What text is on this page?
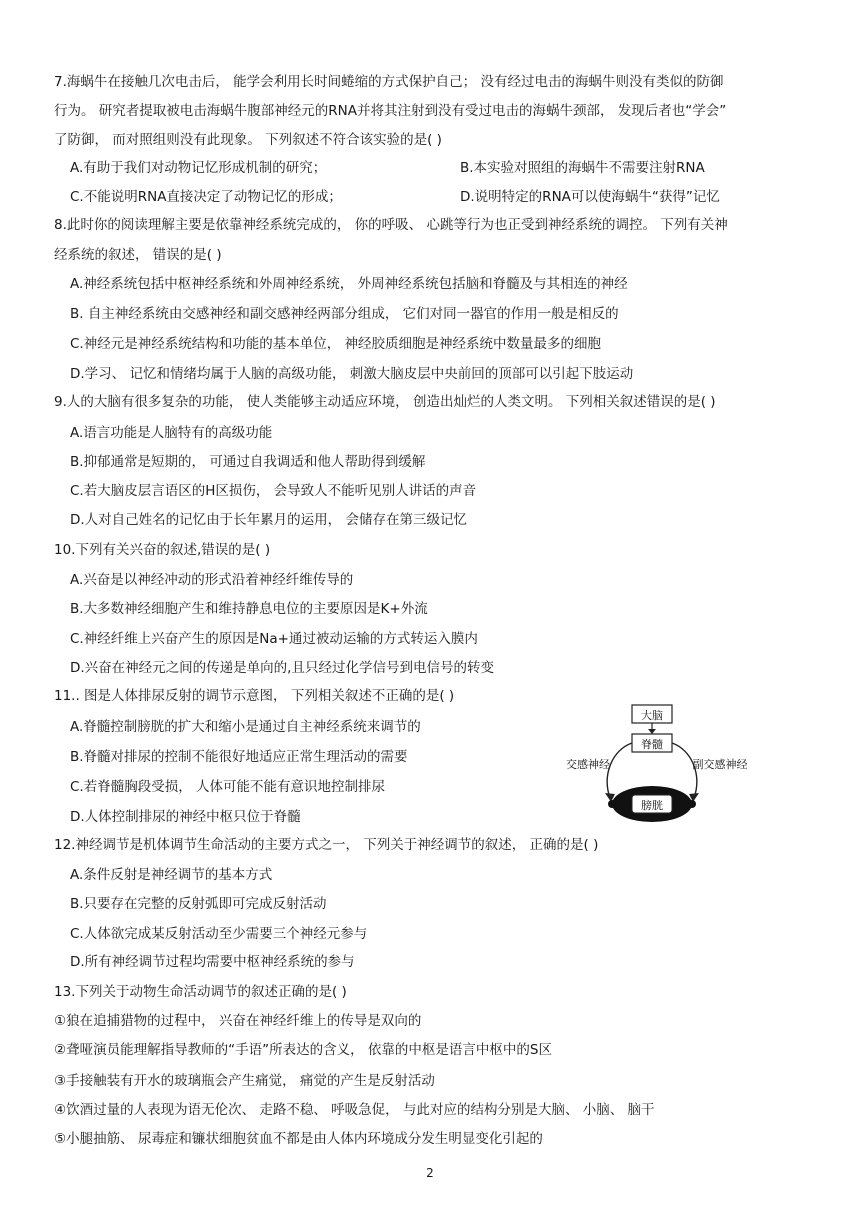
7.海蜗牛在接触几次电击后， 能学会利用长时间蜷缩的方式保护自己； 没有经过电击的海蜗牛则没有类似的防御
行为。 研究者提取被电击海蜗牛腹部神经元的RNA并将其注射到没有受过电击的海蜗牛颈部， 发现后者也“学会”
了防御， 而对照组则没有此现象。 下列叙述不符合该实验的是( )
A.有助于我们对动物记忆形成机制的研究；	B.本实验对照组的海蜗牛不需要注射RNA
C.不能说明RNA直接决定了动物记忆的形成；	D.说明特定的RNA可以使海蜗牛“获得”记忆
8.此时你的阅读理解主要是依靠神经系统完成的， 你的呼吸、 心跳等行为也正受到神经系统的调控。 下列有关神
经系统的叙述， 错误的是( )
A.神经系统包括中枢神经系统和外周神经系统， 外周神经系统包括脑和脊髓及与其相连的神经
B. 自主神经系统由交感神经和副交感神经两部分组成， 它们对同一器官的作用一般是相反的
C.神经元是神经系统结构和功能的基本单位， 神经胶质细胞是神经系统中数量最多的细胞
D.学习、 记忆和情绪均属于人脑的高级功能， 刺激大脑皮层中央前回的顶部可以引起下肢运动
9.人的大脑有很多复杂的功能， 使人类能够主动适应环境， 创造出灿烂的人类文明。 下列相关叙述错误的是( )
A.语言功能是人脑特有的高级功能
B.抑郁通常是短期的， 可通过自我调适和他人帮助得到缓解
C.若大脑皮层言语区的H区损伤， 会导致人不能听见别人讲话的声音
D.人对自己姓名的记忆由于长年累月的运用， 会储存在第三级记忆
10.下列有关兴奋的叙述,错误的是( )
A.兴奋是以神经冲动的形式沿着神经纤维传导的
B.大多数神经细胞产生和维持静息电位的主要原因是K+外流
C.神经纤维上兴奋产生的原因是Na+通过被动运输的方式转运入膜内
D.兴奋在神经元之间的传递是单向的,且只经过化学信号到电信号的转变
11.. 图是人体排尿反射的调节示意图， 下列相关叙述不正确的是( )
A.脊髓控制膀胱的扩大和缩小是通过自主神经系统来调节的
B.脊髓对排尿的控制不能很好地适应正常生理活动的需要
C.若脊髓胸段受损， 人体可能不能有意识地控制排尿
D.人体控制排尿的神经中枢只位于脊髓
大脑
脊髓
交感神经	副交感神经
膀胱
12.神经调节是机体调节生命活动的主要方式之一， 下列关于神经调节的叙述， 正确的是( )
A.条件反射是神经调节的基本方式
B.只要存在完整的反射弧即可完成反射活动
C.人体欲完成某反射活动至少需要三个神经元参与
D.所有神经调节过程均需要中枢神经系统的参与
13.下列关于动物生命活动调节的叙述正确的是( )
①狼在追捕猎物的过程中， 兴奋在神经纤维上的传导是双向的
②聋哑演员能理解指导教师的“手语”所表达的含义， 依靠的中枢是语言中枢中的S区
③手接触装有开水的玻璃瓶会产生痛觉， 痛觉的产生是反射活动
④饮酒过量的人表现为语无伦次、 走路不稳、 呼吸急促， 与此对应的结构分别是大脑、 小脑、 脑干
⑤小腿抽筋、 尿毒症和镰状细胞贫血不都是由人体内环境成分发生明显变化引起的
2
